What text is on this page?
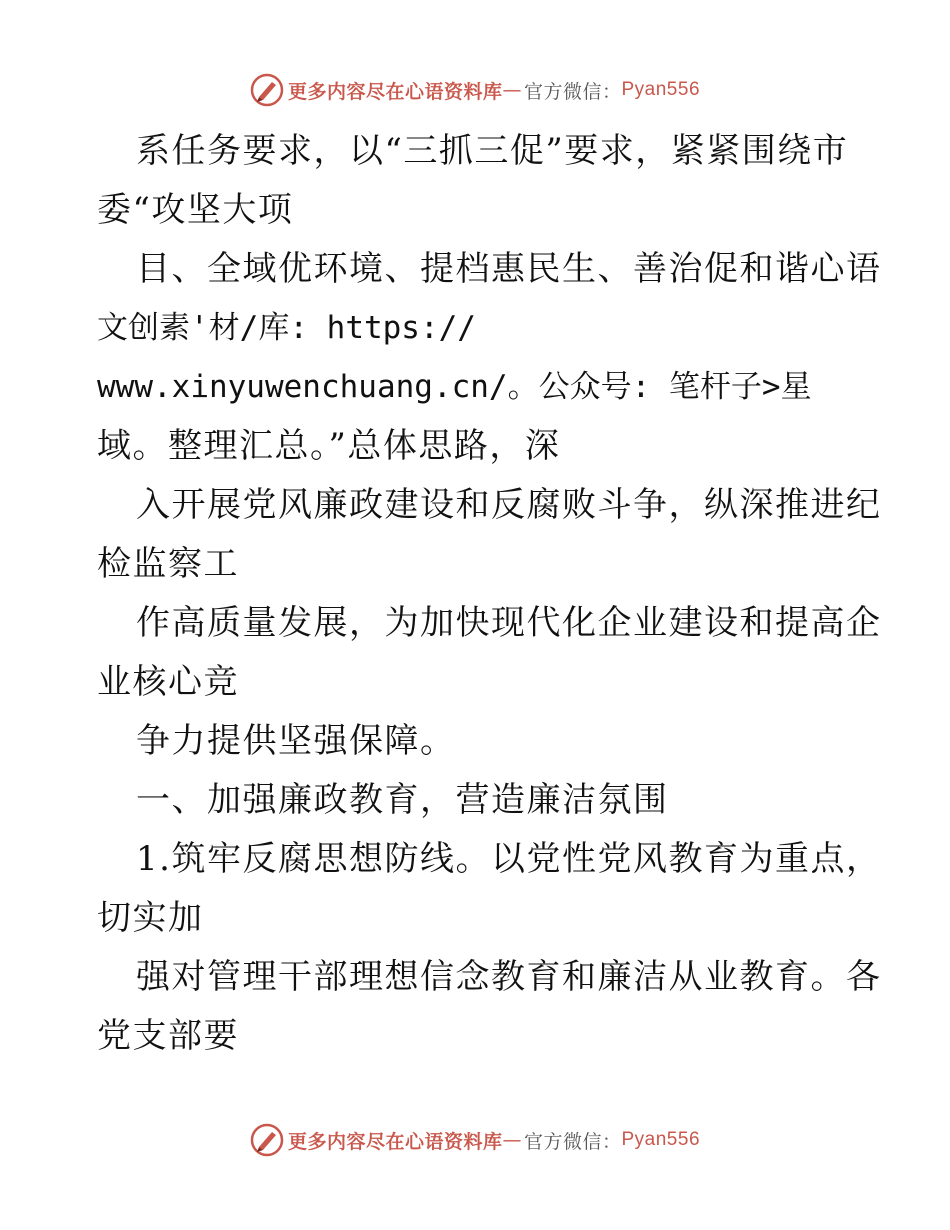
更多内容尽在心语资料库 — 官方微信： Pyan556
系任务要求，以“三抓三促”要求，紧紧围绕市
委“攻坚大项
目、全域优环境、提档惠民生、善治促和谐心语
文创素'材/库: https://
www.xinyuwenchuang.cn/。公众号: 笔杆子>星
域。整理汇总。”总体思路，深
入开展党风廉政建设和反腐败斗争，纵深推进纪
检监察工
作高质量发展，为加快现代化企业建设和提高企
业核心竞
争力提供坚强保障。
一、加强廉政教育，营造廉洁氛围
1.筑牢反腐思想防线。以党性党风教育为重点，
切实加
强对管理干部理想信念教育和廉洁从业教育。各
党支部要
更多内容尽在心语资料库 — 官方微信： Pyan556
